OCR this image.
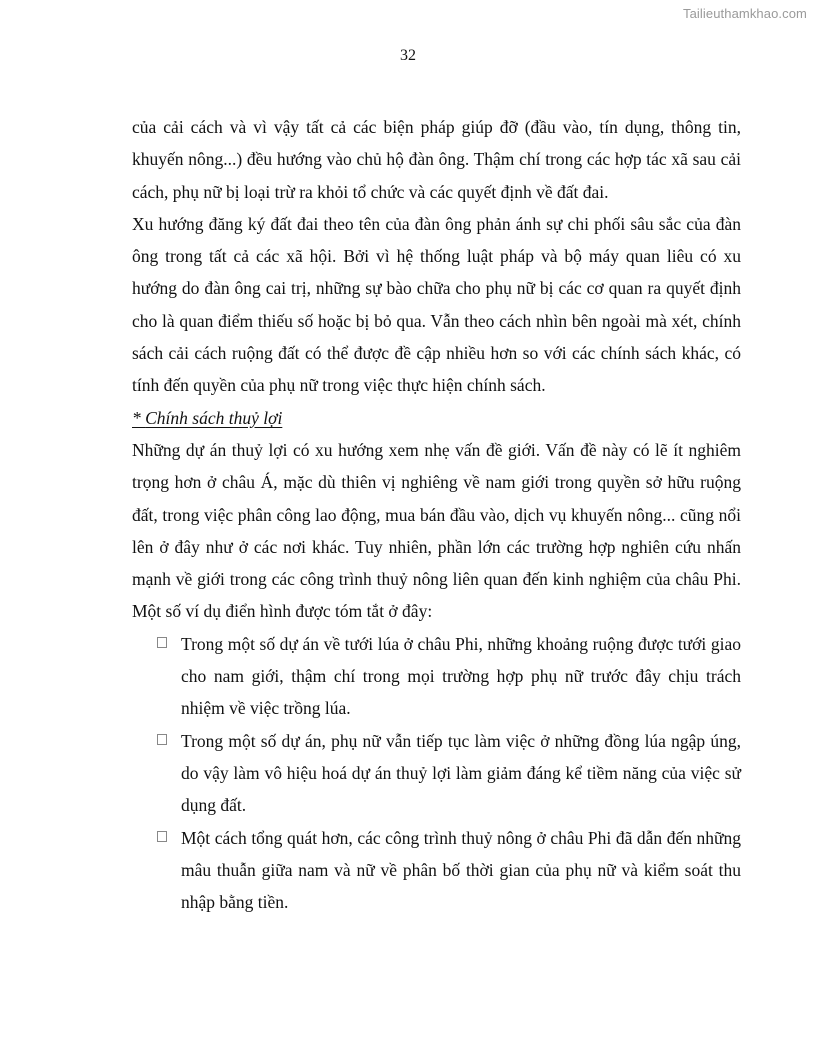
Tailieuthamkhao.com
32

của cải cách và vì vậy tất cả các biện pháp giúp đỡ (đầu vào, tín dụng, thông tin, khuyến nông...) đều hướng vào chủ hộ đàn ông. Thậm chí trong các hợp tác xã sau cải cách, phụ nữ bị loại trừ ra khỏi tổ chức và các quyết định về đất đai.

Xu hướng đăng ký đất đai theo tên của đàn ông phản ánh sự chi phối sâu sắc của đàn ông trong tất cả các xã hội. Bởi vì hệ thống luật pháp và bộ máy quan liêu có xu hướng do đàn ông cai trị, những sự bào chữa cho phụ nữ bị các cơ quan ra quyết định cho là quan điểm thiếu số hoặc bị bỏ qua. Vẫn theo cách nhìn bên ngoài mà xét, chính sách cải cách ruộng đất có thể được đề cập nhiều hơn so với các chính sách khác, có tính đến quyền của phụ nữ trong việc thực hiện chính sách.

* Chính sách thuỷ lợi

Những dự án thuỷ lợi có xu hướng xem nhẹ vấn đề giới. Vấn đề này có lẽ ít nghiêm trọng hơn ở châu Á, mặc dù thiên vị nghiêng về nam giới trong quyền sở hữu ruộng đất, trong việc phân công lao động, mua bán đầu vào, dịch vụ khuyến nông... cũng nổi lên ở đây như ở các nơi khác. Tuy nhiên, phần lớn các trường hợp nghiên cứu nhấn mạnh về giới trong các công trình thuỷ nông liên quan đến kinh nghiệm của châu Phi. Một số ví dụ điển hình được tóm tắt ở đây:

Trong một số dự án về tưới lúa ở châu Phi, những khoảng ruộng được tưới giao cho nam giới, thậm chí trong mọi trường hợp phụ nữ trước đây chịu trách nhiệm về việc trồng lúa.
Trong một số dự án, phụ nữ vẫn tiếp tục làm việc ở những đồng lúa ngập úng, do vậy làm vô hiệu hoá dự án thuỷ lợi làm giảm đáng kể tiềm năng của việc sử dụng đất.
Một cách tổng quát hơn, các công trình thuỷ nông ở châu Phi đã dẫn đến những mâu thuẫn giữa nam và nữ về phân bố thời gian của phụ nữ và kiểm soát thu nhập bằng tiền.
